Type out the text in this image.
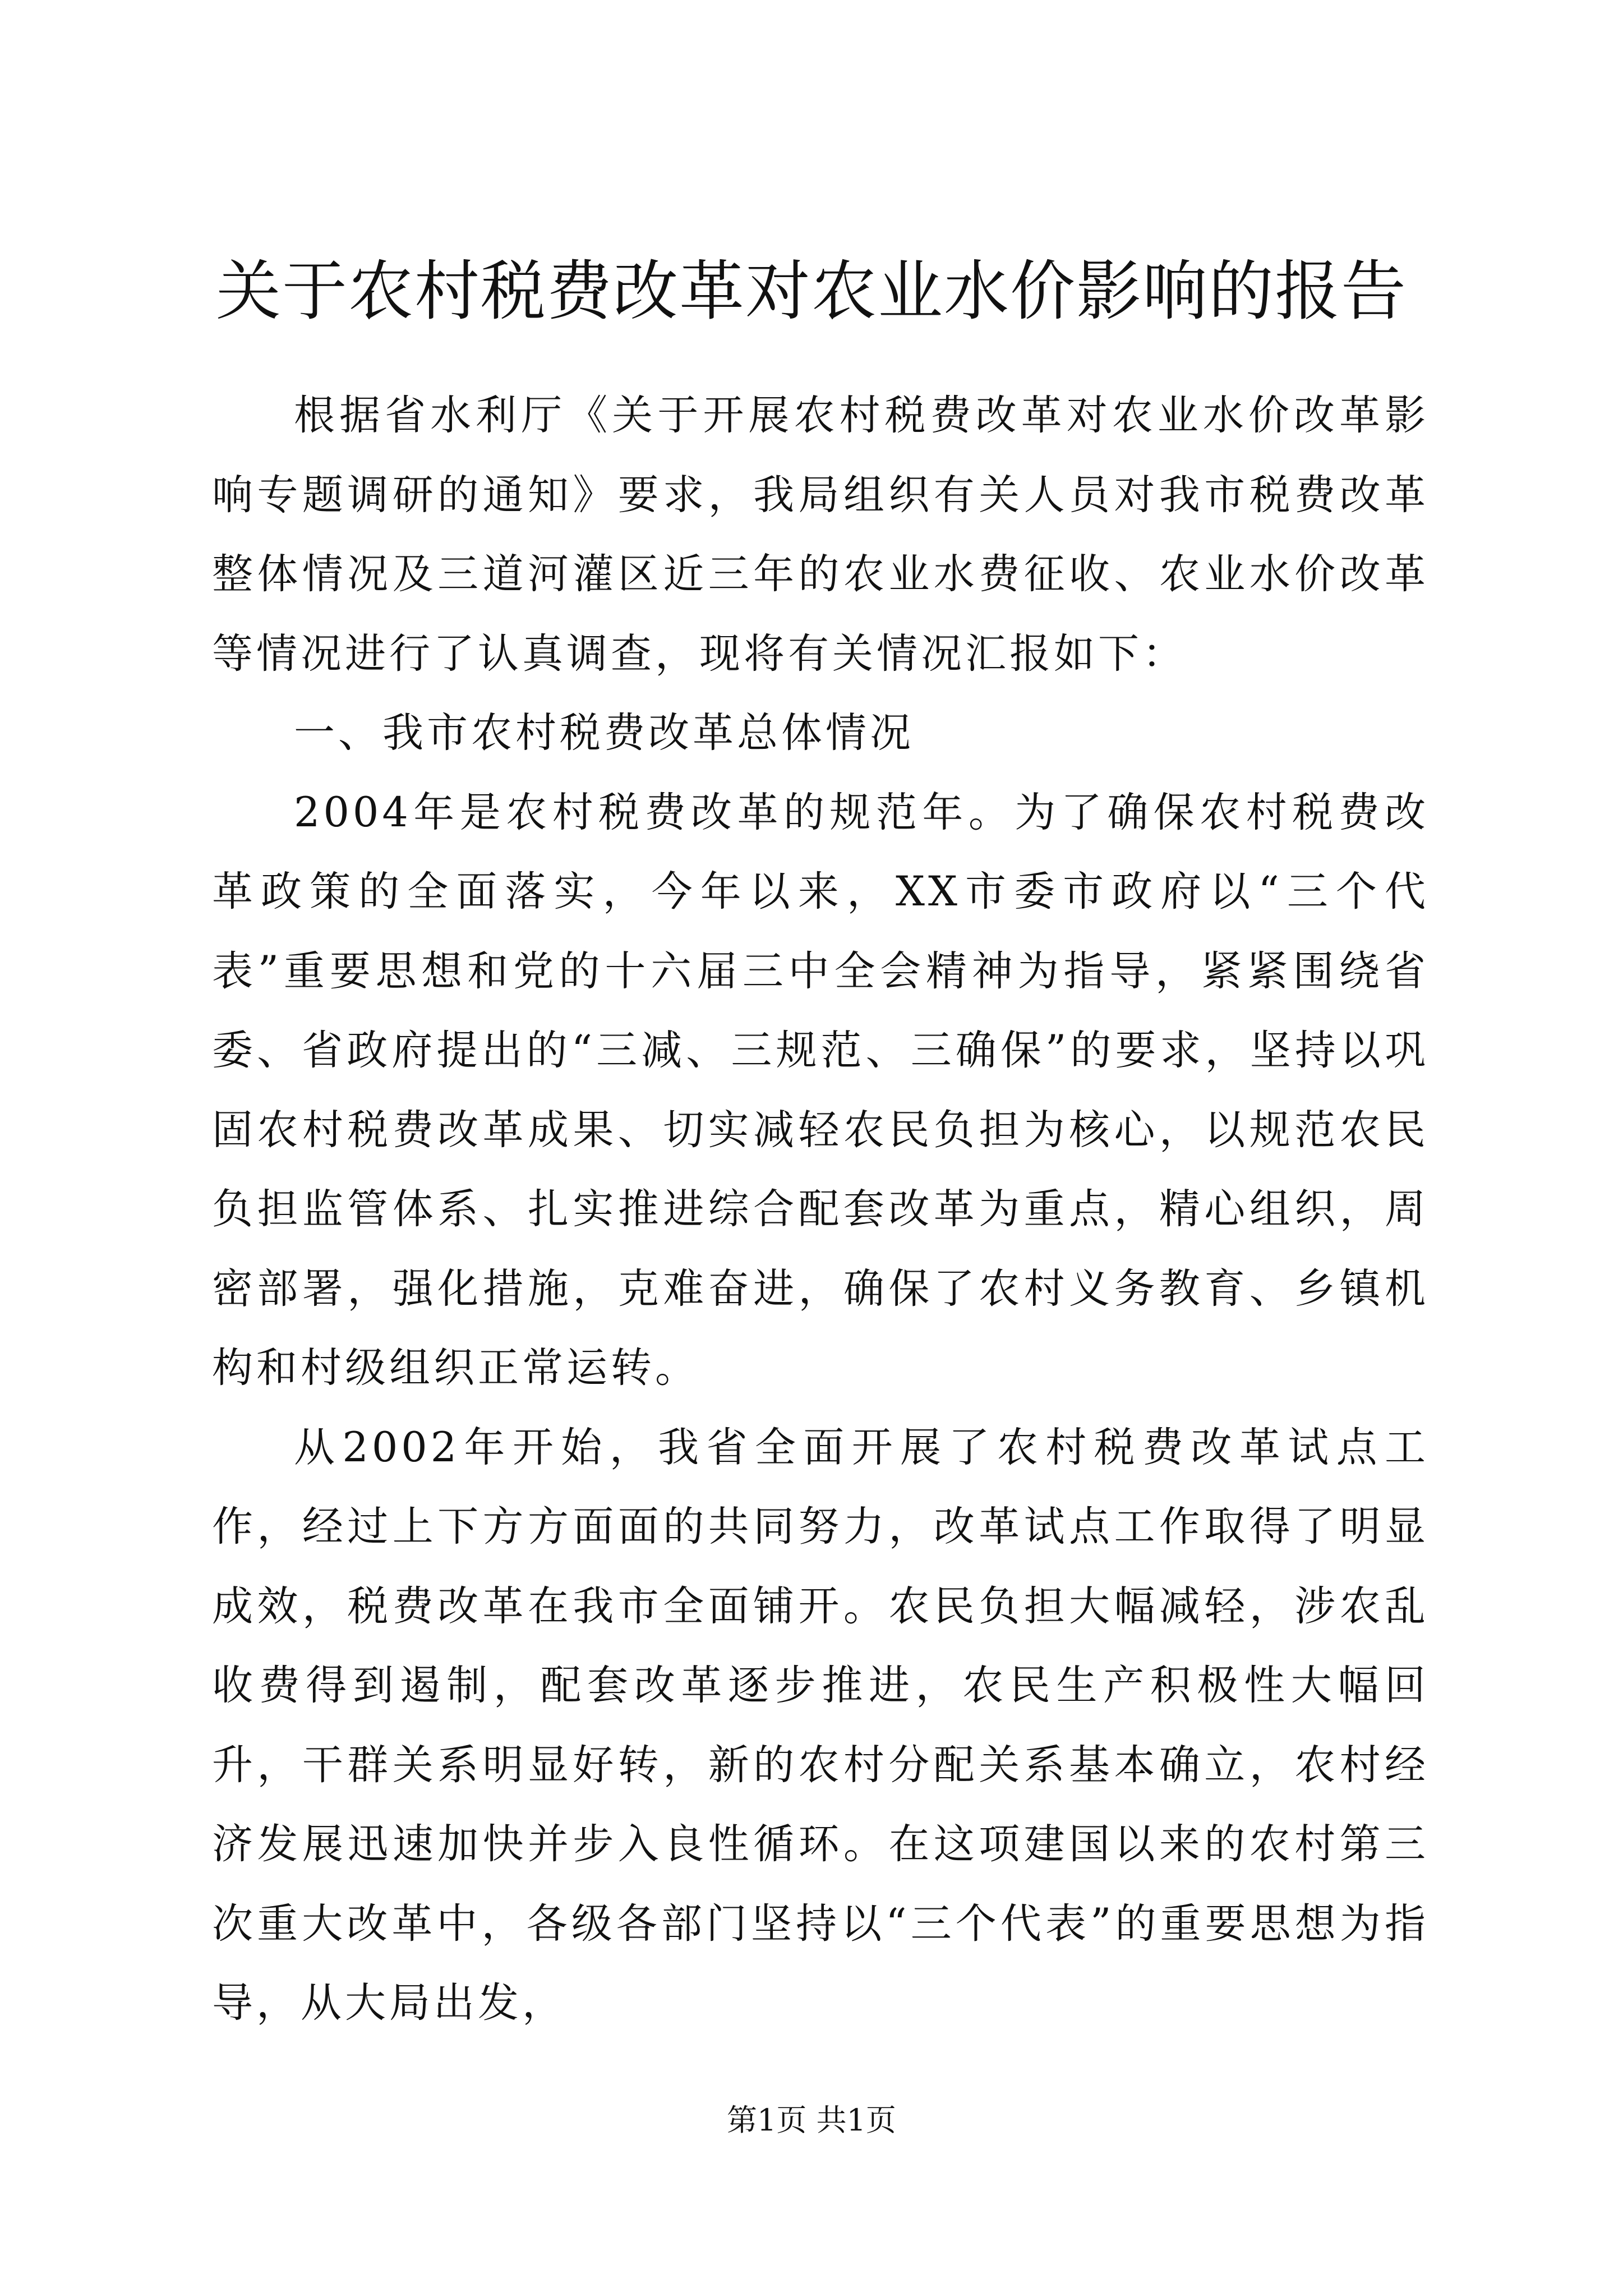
关于农村税费改革对农业水价影响的报告

根据省水利厅《关于开展农村税费改革对农业水价改革影响专题调研的通知》要求，我局组织有关人员对我市税费改革整体情况及三道河灌区近三年的农业水费征收、农业水价改革等情况进行了认真调查，现将有关情况汇报如下：

一、我市农村税费改革总体情况

2004年是农村税费改革的规范年。为了确保农村税费改革政策的全面落实，今年以来，XX市委市政府以“三个代表”重要思想和党的十六届三中全会精神为指导，紧紧围绕省委、省政府提出的“三减、三规范、三确保”的要求，坚持以巩固农村税费改革成果、切实减轻农民负担为核心，以规范农民负担监管体系、扎实推进综合配套改革为重点，精心组织，周密部署，强化措施，克难奋进，确保了农村义务教育、乡镇机构和村级组织正常运转。

从2002年开始，我省全面开展了农村税费改革试点工作，经过上下方方面面的共同努力，改革试点工作取得了明显成效，税费改革在我市全面铺开。农民负担大幅减轻，涉农乱收费得到遏制，配套改革逐步推进，农民生产积极性大幅回升，干群关系明显好转，新的农村分配关系基本确立，农村经济发展迅速加快并步入良性循环。在这项建国以来的农村第三次重大改革中，各级各部门坚持以“三个代表”的重要思想为指导，从大局出发，

第1页 共1页
